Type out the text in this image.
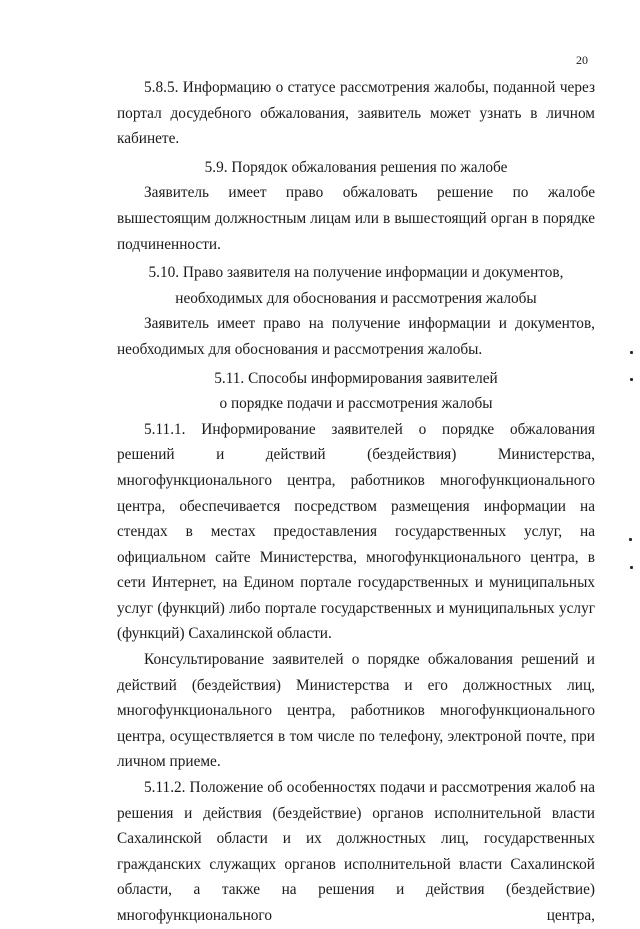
20

5.8.5. Информацию о статусе рассмотрения жалобы, поданной через портал досудебного обжалования, заявитель может узнать в личном кабинете.

5.9. Порядок обжалования решения по жалобе

Заявитель имеет право обжаловать решение по жалобе вышестоящим должностным лицам или в вышестоящий орган в порядке подчиненности.

5.10. Право заявителя на получение информации и документов,

необходимых для обоснования и рассмотрения жалобы

Заявитель имеет право на получение информации и документов, необходимых для обоснования и рассмотрения жалобы.

5.11. Способы информирования заявителей

о порядке подачи и рассмотрения жалобы

5.11.1. Информирование заявителей о порядке обжалования решений и действий (бездействия) Министерства, многофункционального центра, работников многофункционального центра, обеспечивается посредством размещения информации на стендах в местах предоставления государственных услуг, на официальном сайте Министерства, многофункционального центра, в сети Интернет, на Едином портале государственных и муниципальных услуг (функций) либо портале государственных и муниципальных услуг (функций) Сахалинской области.

Консультирование заявителей о порядке обжалования решений и действий (бездействия) Министерства и его должностных лиц, многофункционального центра, работников многофункционального центра, осуществляется в том числе по телефону, электроной почте, при личном приеме.

5.11.2. Положение об особенностях подачи и рассмотрения жалоб на решения и действия (бездействие) органов исполнительной власти Сахалинской области и их должностных лиц, государственных гражданских служащих органов исполнительной власти Сахалинской области, а также на решения и действия (бездействие) многофункционального центра,
